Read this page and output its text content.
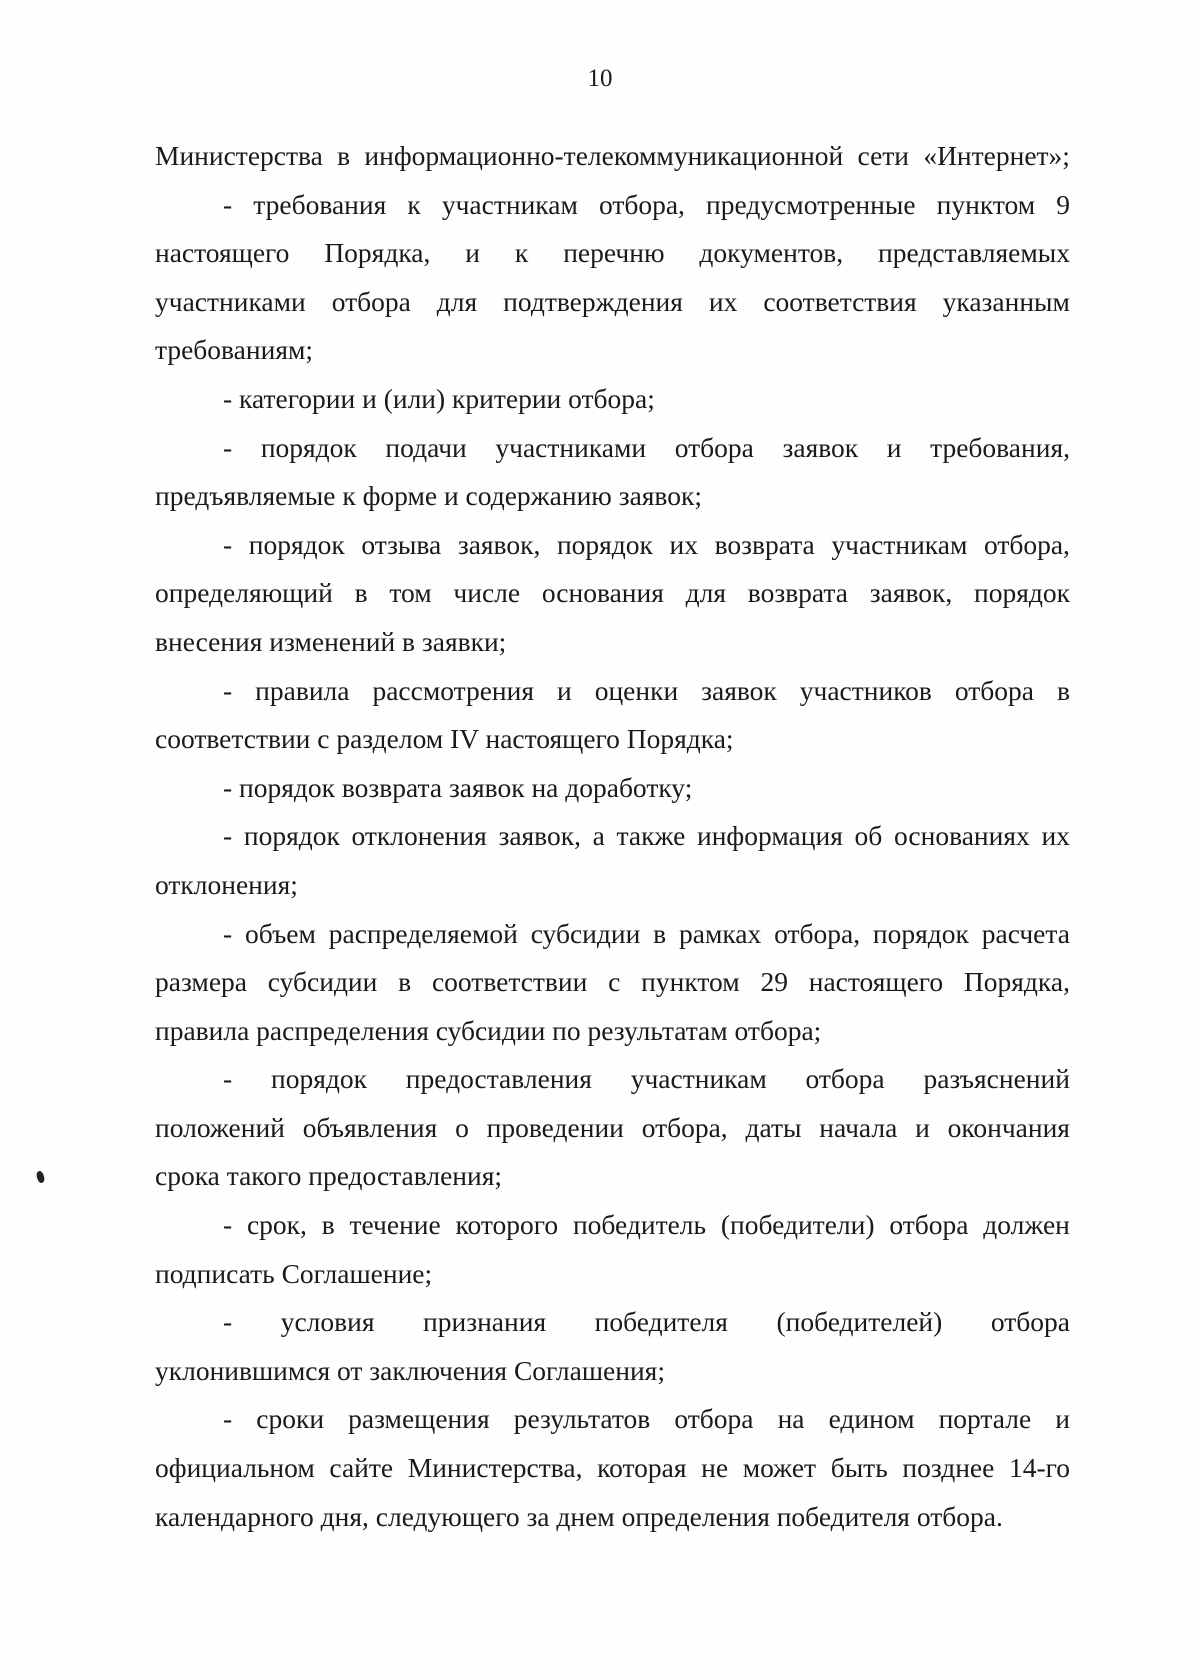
10
Министерства в информационно-телекоммуникационной сети «Интернет»;
- требования к участникам отбора, предусмотренные пунктом 9
настоящего Порядка, и к перечню документов, представляемых
участниками отбора для подтверждения их соответствия указанным
требованиям;
- категории и (или) критерии отбора;
- порядок подачи участниками отбора заявок и требования,
предъявляемые к форме и содержанию заявок;
- порядок отзыва заявок, порядок их возврата участникам отбора,
определяющий в том числе основания для возврата заявок, порядок
внесения изменений в заявки;
- правила рассмотрения и оценки заявок участников отбора в
соответствии с разделом IV настоящего Порядка;
- порядок возврата заявок на доработку;
- порядок отклонения заявок, а также информация об основаниях их
отклонения;
- объем распределяемой субсидии в рамках отбора, порядок расчета
размера субсидии в соответствии с пунктом 29 настоящего Порядка,
правила распределения субсидии по результатам отбора;
- порядок предоставления участникам отбора разъяснений
положений объявления о проведении отбора, даты начала и окончания
срока такого предоставления;
- срок, в течение которого победитель (победители) отбора должен
подписать Соглашение;
- условия признания победителя (победителей) отбора
уклонившимся от заключения Соглашения;
- сроки размещения результатов отбора на едином портале и
официальном сайте Министерства, которая не может быть позднее 14-го
календарного дня, следующего за днем определения победителя отбора.
